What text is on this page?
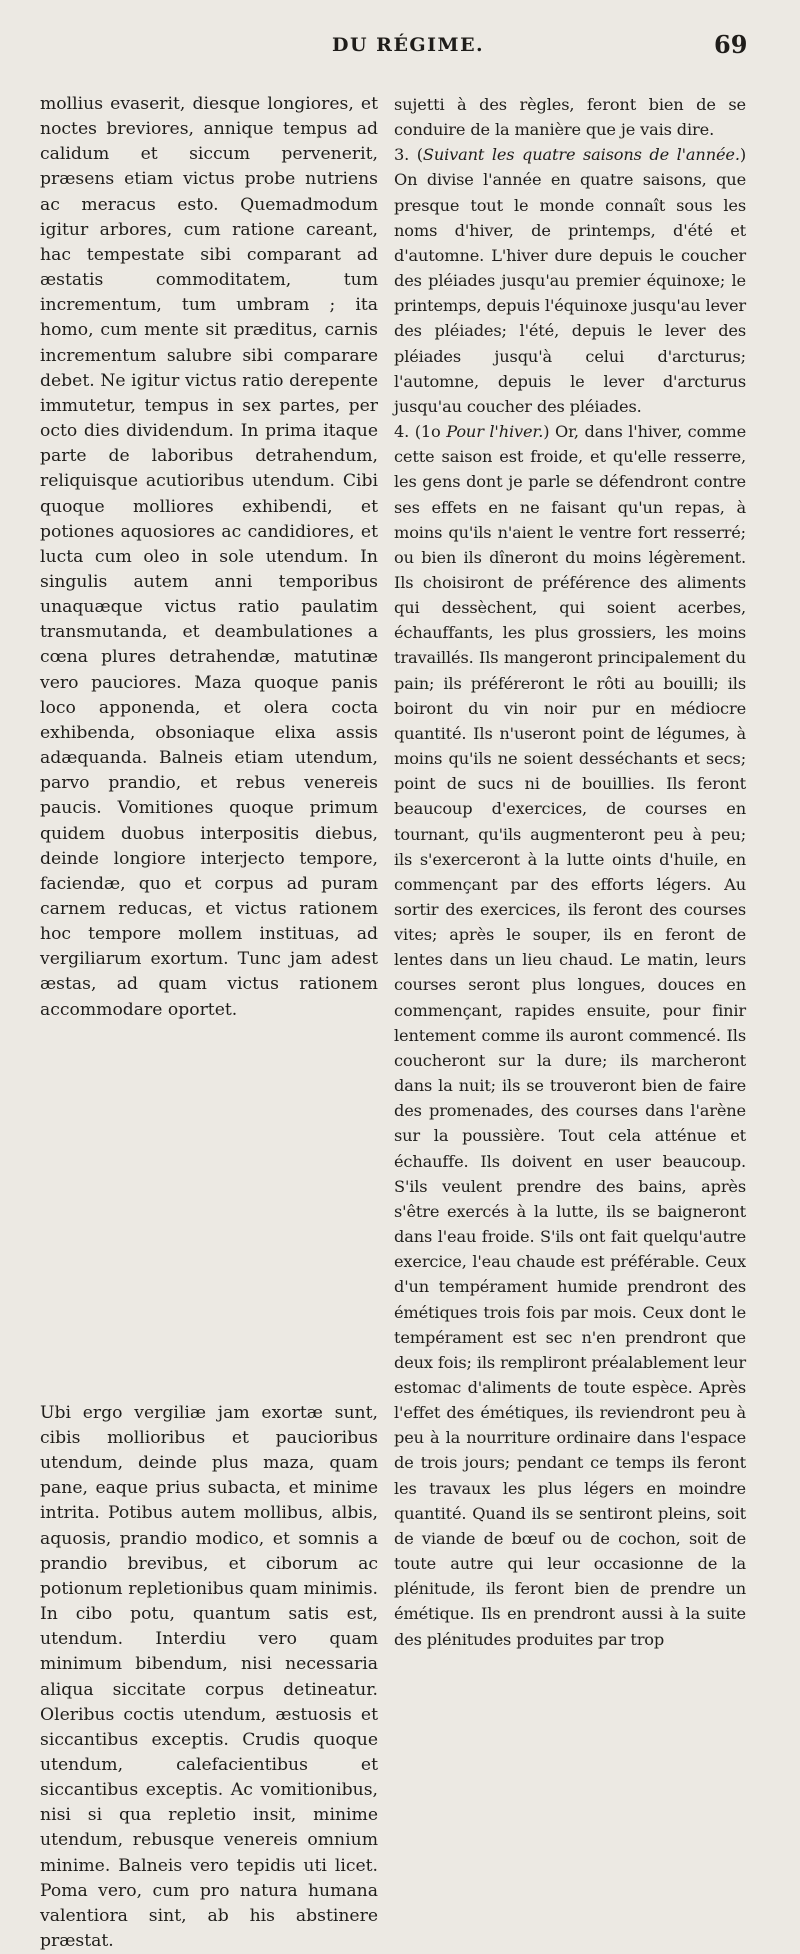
DU RÉGIME.	69

mollius evaserit, diesque longiores, et noctes breviores, annique tempus ad calidum et siccum pervenerit, præsens etiam victus probe nutriens ac meracus esto. Quemadmodum igitur arbores, cum ratione careant, hac tempestate sibi comparant ad æstatis commoditatem, tum incrementum, tum umbram ; ita homo, cum mente sit præditus, carnis incrementum salubre sibi comparare debet. Ne igitur victus ratio derepente immutetur, tempus in sex partes, per octo dies dividendum. In prima itaque parte de laboribus detrahendum, reliquisque acutioribus utendum. Cibi quoque molliores exhibendi, et potiones aquosiores ac candidiores, et lucta cum oleo in sole utendum. In singulis autem anni temporibus unaquæque victus ratio paulatim transmutanda, et deambulationes a cœna plures detrahendæ, matutinæ vero pauciores. Maza quoque panis loco apponenda, et olera cocta exhibenda, obsoniaque elixa assis adæquanda. Balneis etiam utendum, parvo prandio, et rebus venereis paucis. Vomitiones quoque primum quidem duobus interpositis diebus, deinde longiore interjecto tempore, faciendæ, quo et corpus ad puram carnem reducas, et victus rationem hoc tempore mollem instituas, ad vergiliarum exortum. Tunc jam adest æstas, ad quam victus rationem accommodare oportet.

Ubi ergo vergiliæ jam exortæ sunt, cibis mollioribus et paucioribus utendum, deinde plus maza, quam pane, eaque prius subacta, et minime intrita. Potibus autem mollibus, albis, aquosis, prandio modico, et somnis a prandio brevibus, et ciborum ac potionum repletionibus quam minimis. In cibo potu, quantum satis est, utendum. Interdiu vero quam minimum bibendum, nisi necessaria aliqua siccitate corpus detineatur. Oleribus coctis utendum, æstuosis et siccantibus exceptis. Crudis quoque utendum, calefacientibus et siccantibus exceptis. Ac vomitionibus, nisi si qua repletio insit, minime utendum, rebusque venereis omnium minime. Balneis vero tepidis uti licet. Poma vero, cum pro natura humana valentiora sint, ab his abstinere præstat.

sujetti à des règles, feront bien de se conduire de la manière que je vais dire.

3. (Suivant les quatre saisons de l'année.) On divise l'année en quatre saisons, que presque tout le monde connaît sous les noms d'hiver, de printemps, d'été et d'automne. L'hiver dure depuis le coucher des pléiades jusqu'au premier équinoxe; le printemps, depuis l'équinoxe jusqu'au lever des pléiades; l'été, depuis le lever des pléiades jusqu'à celui d'arcturus; l'automne, depuis le lever d'arcturus jusqu'au coucher des pléiades.

4. (1o Pour l'hiver.) Or, dans l'hiver, comme cette saison est froide, et qu'elle resserre, les gens dont je parle se défendront contre ses effets en ne faisant qu'un repas, à moins qu'ils n'aient le ventre fort resserré; ou bien ils dîneront du moins légèrement. Ils choisiront de préférence des aliments qui dessèchent, qui soient acerbes, échauffants, les plus grossiers, les moins travaillés. Ils mangeront principalement du pain; ils préféreront le rôti au bouilli; ils boiront du vin noir pur en médiocre quantité. Ils n'useront point de légumes, à moins qu'ils ne soient desséchants et secs; point de sucs ni de bouillies. Ils feront beaucoup d'exercices, de courses en tournant, qu'ils augmenteront peu à peu; ils s'exerceront à la lutte oints d'huile, en commençant par des efforts légers. Au sortir des exercices, ils feront des courses vites; après le souper, ils en feront de lentes dans un lieu chaud. Le matin, leurs courses seront plus longues, douces en commençant, rapides ensuite, pour finir lentement comme ils auront commencé. Ils coucheront sur la dure; ils marcheront dans la nuit; ils se trouveront bien de faire des promenades, des courses dans l'arène sur la poussière. Tout cela atténue et échauffe. Ils doivent en user beaucoup. S'ils veulent prendre des bains, après s'être exercés à la lutte, ils se baigneront dans l'eau froide. S'ils ont fait quelqu'autre exercice, l'eau chaude est préférable. Ceux d'un tempérament humide prendront des émétiques trois fois par mois. Ceux dont le tempérament est sec n'en prendront que deux fois; ils rempliront préalablement leur estomac d'aliments de toute espèce. Après l'effet des émétiques, ils reviendront peu à peu à la nourriture ordinaire dans l'espace de trois jours; pendant ce temps ils feront les travaux les plus légers en moindre quantité. Quand ils se sentiront pleins, soit de viande de bœuf ou de cochon, soit de toute autre qui leur occasionne de la plénitude, ils feront bien de prendre un émétique. Ils en prendront aussi à la suite des plénitudes produites par trop
